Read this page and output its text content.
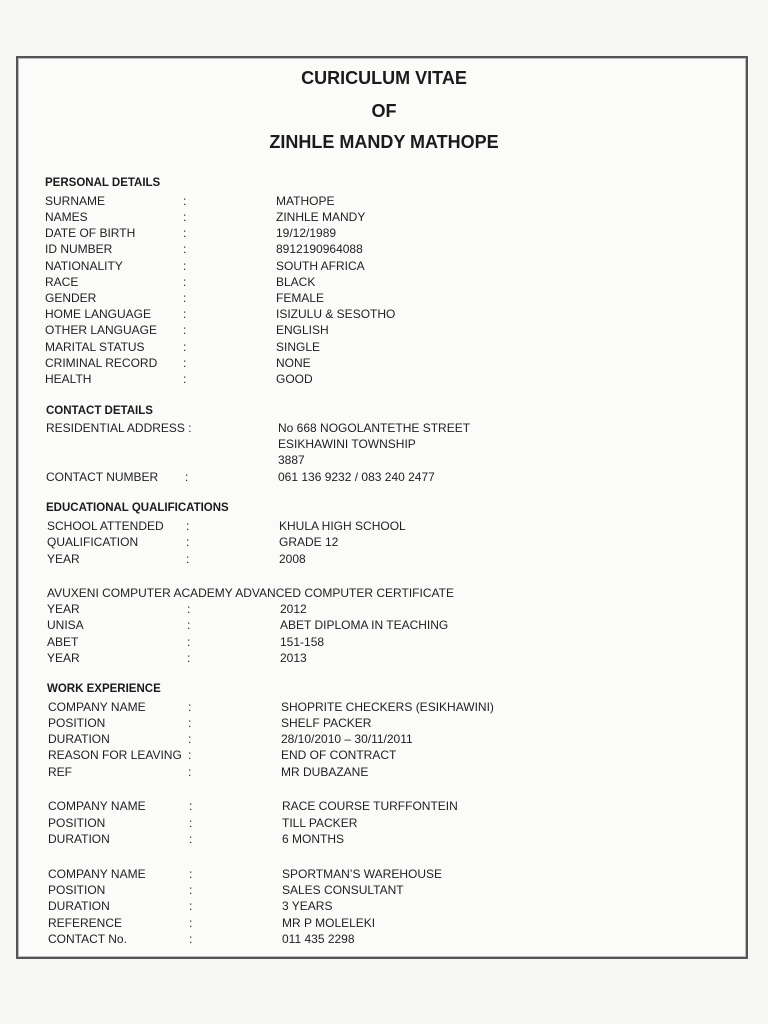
CURICULUM VITAE
OF
ZINHLE MANDY MATHOPE
PERSONAL DETAILS
SURNAME	:	MATHOPE
NAMES	:	ZINHLE MANDY
DATE OF BIRTH	:	19/12/1989
ID NUMBER	:	8912190964088
NATIONALITY	:	SOUTH AFRICA
RACE	:	BLACK
GENDER	:	FEMALE
HOME LANGUAGE	:	ISIZULU & SESOTHO
OTHER LANGUAGE :	ENGLISH
MARITAL STATUS	:	SINGLE
CRIMINAL RECORD :	NONE
HEALTH	:	GOOD
CONTACT DETAILS
RESIDENTIAL ADDRESS :	No 668 NOGOLANTETHE STREET
ESIKHAWINI TOWNSHIP
3887
CONTACT NUMBER :	061 136 9232 / 083 240 2477
EDUCATIONAL QUALIFICATIONS
SCHOOL ATTENDED :	KHULA HIGH SCHOOL
QUALIFICATION	:	GRADE 12
YEAR	:	2008
AVUXENI COMPUTER ACADEMY ADVANCED COMPUTER CERTIFICATE
YEAR	:	2012
UNISA	:	ABET DIPLOMA IN TEACHING
ABET	:	151-158
YEAR	:	2013
WORK EXPERIENCE
COMPANY NAME	:	SHOPRITE CHECKERS (ESIKHAWINI)
POSITION	:	SHELF PACKER
DURATION	:	28/10/2010 – 30/11/2011
REASON FOR LEAVING :	END OF CONTRACT
REF	:	MR DUBAZANE
COMPANY NAME	:	RACE COURSE TURFFONTEIN
POSITION	:	TILL PACKER
DURATION	:	6 MONTHS
COMPANY NAME	:	SPORTMAN’S WAREHOUSE
POSITION	:	SALES CONSULTANT
DURATION	:	3 YEARS
REFERENCE	:	MR P MOLELEKI
CONTACT No.	:	011 435 2298
